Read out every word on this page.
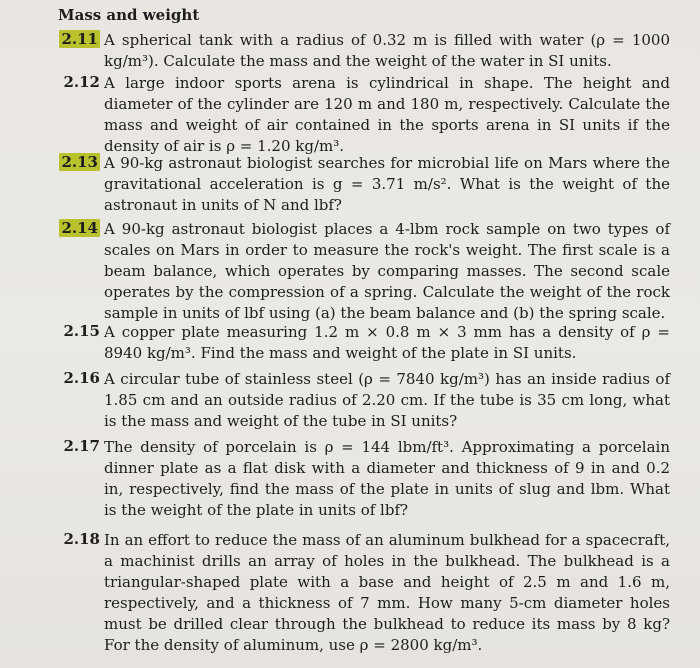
Mass and weight
2.11 A spherical tank with a radius of 0.32 m is filled with water (ρ = 1000 kg/m³). Calculate the mass and the weight of the water in SI units.
2.12 A large indoor sports arena is cylindrical in shape. The height and diameter of the cylinder are 120 m and 180 m, respectively. Calculate the mass and weight of air contained in the sports arena in SI units if the density of air is ρ = 1.20 kg/m³.
2.13 A 90-kg astronaut biologist searches for microbial life on Mars where the gravitational acceleration is g = 3.71 m/s². What is the weight of the astronaut in units of N and lbf?
2.14 A 90-kg astronaut biologist places a 4-lbm rock sample on two types of scales on Mars in order to measure the rock's weight. The first scale is a beam balance, which operates by comparing masses. The second scale operates by the compression of a spring. Calculate the weight of the rock sample in units of lbf using (a) the beam balance and (b) the spring scale.
2.15 A copper plate measuring 1.2 m × 0.8 m × 3 mm has a density of ρ = 8940 kg/m³. Find the mass and weight of the plate in SI units.
2.16 A circular tube of stainless steel (ρ = 7840 kg/m³) has an inside radius of 1.85 cm and an outside radius of 2.20 cm. If the tube is 35 cm long, what is the mass and weight of the tube in SI units?
2.17 The density of porcelain is ρ = 144 lbm/ft³. Approximating a porcelain dinner plate as a flat disk with a diameter and thickness of 9 in and 0.2 in, respectively, find the mass of the plate in units of slug and lbm. What is the weight of the plate in units of lbf?
2.18 In an effort to reduce the mass of an aluminum bulkhead for a spacecraft, a machinist drills an array of holes in the bulkhead. The bulkhead is a triangular-shaped plate with a base and height of 2.5 m and 1.6 m, respectively, and a thickness of 7 mm. How many 5-cm diameter holes must be drilled clear through the bulkhead to reduce its mass by 8 kg? For the density of aluminum, use ρ = 2800 kg/m³.
